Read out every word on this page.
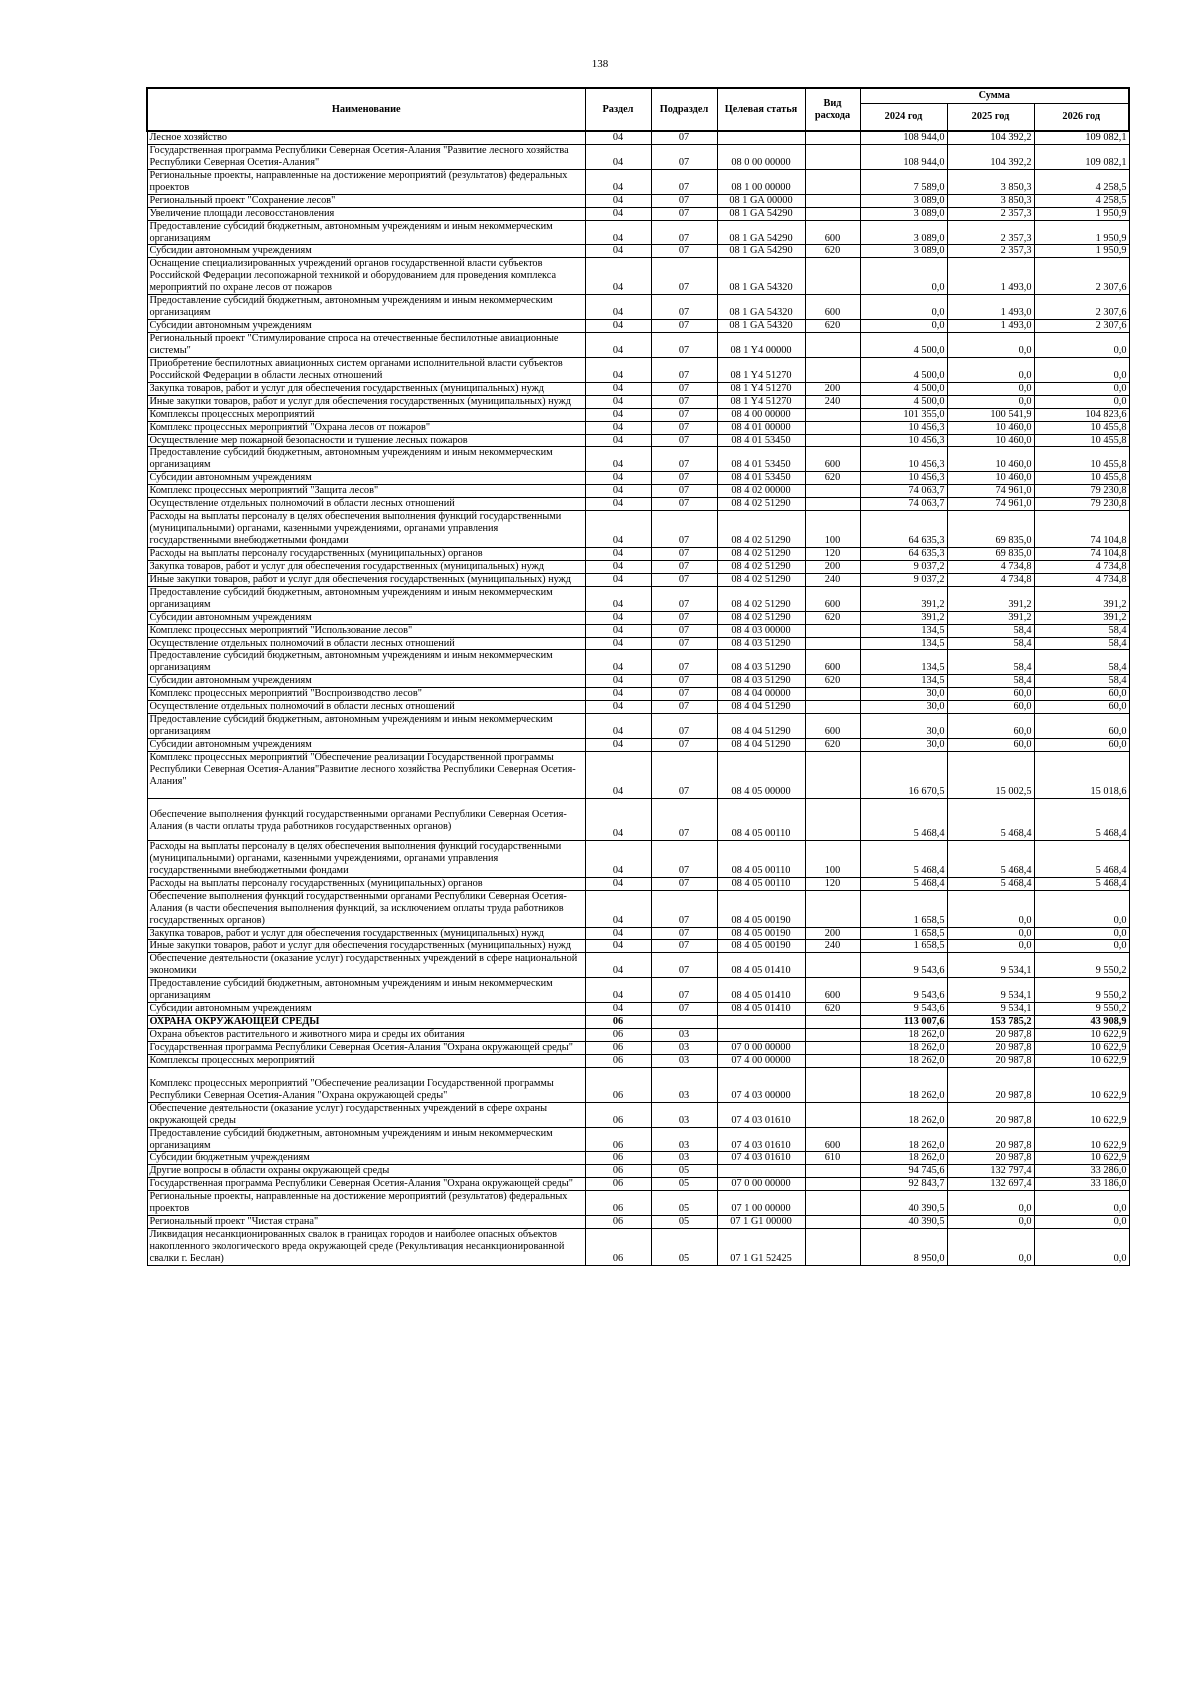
138
Наименование	Раздел	Подраздел	Целевая статья	Вид расхода	Сумма		
					2024 год	2025 год	2026 год
Лесное хозяйство	04	07			108 944,0	104 392,2	109 082,1
Государственная программа Республики Северная Осетия-Алания "Развитие лесного хозяйства Республики Северная Осетия-Алания"	04	07	08 0 00 00000		108 944,0	104 392,2	109 082,1
Региональные проекты, направленные на достижение мероприятий (результатов) федеральных проектов	04	07	08 1 00 00000		7 589,0	3 850,3	4 258,5
Региональный проект "Сохранение лесов"	04	07	08 1 GA 00000		3 089,0	3 850,3	4 258,5
Увеличение площади лесовосстановления	04	07	08 1 GA 54290		3 089,0	2 357,3	1 950,9
Предоставление субсидий бюджетным, автономным учреждениям и иным некоммерческим организациям	04	07	08 1 GA 54290	600	3 089,0	2 357,3	1 950,9
Субсидии автономным учреждениям	04	07	08 1 GA 54290	620	3 089,0	2 357,3	1 950,9
Оснащение специализированных учреждений органов государственной власти субъектов Российской Федерации лесопожарной техникой и оборудованием для проведения комплекса мероприятий по охране лесов от пожаров	04	07	08 1 GA 54320		0,0	1 493,0	2 307,6
Предоставление субсидий бюджетным, автономным учреждениям и иным некоммерческим организациям	04	07	08 1 GA 54320	600	0,0	1 493,0	2 307,6
Субсидии автономным учреждениям	04	07	08 1 GA 54320	620	0,0	1 493,0	2 307,6
Региональный проект "Стимулирование спроса на отечественные беспилотные авиационные системы"	04	07	08 1 Y4 00000		4 500,0	0,0	0,0
Приобретение беспилотных авиационных систем органами исполнительной власти субъектов Российской Федерации в области лесных отношений	04	07	08 1 Y4 51270		4 500,0	0,0	0,0
Закупка товаров, работ и услуг для обеспечения государственных (муниципальных) нужд	04	07	08 1 Y4 51270	200	4 500,0	0,0	0,0
Иные закупки товаров, работ и услуг для обеспечения государственных (муниципальных) нужд	04	07	08 1 Y4 51270	240	4 500,0	0,0	0,0
Комплексы процессных мероприятий	04	07	08 4 00 00000		101 355,0	100 541,9	104 823,6
Комплекс процессных мероприятий "Охрана лесов от пожаров"	04	07	08 4 01 00000		10 456,3	10 460,0	10 455,8
Осуществление мер пожарной безопасности и тушение лесных пожаров	04	07	08 4 01 53450		10 456,3	10 460,0	10 455,8
Предоставление субсидий бюджетным, автономным учреждениям и иным некоммерческим организациям	04	07	08 4 01 53450	600	10 456,3	10 460,0	10 455,8
Субсидии автономным учреждениям	04	07	08 4 01 53450	620	10 456,3	10 460,0	10 455,8
Комплекс процессных мероприятий "Защита лесов"	04	07	08 4 02 00000		74 063,7	74 961,0	79 230,8
Осуществление отдельных полномочий в области лесных отношений	04	07	08 4 02 51290		74 063,7	74 961,0	79 230,8
Расходы на выплаты персоналу в целях обеспечения выполнения функций государственными (муниципальными) органами, казенными учреждениями, органами управления государственными внебюджетными фондами	04	07	08 4 02 51290	100	64 635,3	69 835,0	74 104,8
Расходы на выплаты персоналу государственных (муниципальных) органов	04	07	08 4 02 51290	120	64 635,3	69 835,0	74 104,8
Закупка товаров, работ и услуг для обеспечения государственных (муниципальных) нужд	04	07	08 4 02 51290	200	9 037,2	4 734,8	4 734,8
Иные закупки товаров, работ и услуг для обеспечения государственных (муниципальных) нужд	04	07	08 4 02 51290	240	9 037,2	4 734,8	4 734,8
Предоставление субсидий бюджетным, автономным учреждениям и иным некоммерческим организациям	04	07	08 4 02 51290	600	391,2	391,2	391,2
Субсидии автономным учреждениям	04	07	08 4 02 51290	620	391,2	391,2	391,2
Комплекс процессных мероприятий "Использование лесов"	04	07	08 4 03 00000		134,5	58,4	58,4
Осуществление отдельных полномочий в области лесных отношений	04	07	08 4 03 51290		134,5	58,4	58,4
Предоставление субсидий бюджетным, автономным учреждениям и иным некоммерческим организациям	04	07	08 4 03 51290	600	134,5	58,4	58,4
Субсидии автономным учреждениям	04	07	08 4 03 51290	620	134,5	58,4	58,4
Комплекс процессных мероприятий "Воспроизводство лесов"	04	07	08 4 04 00000		30,0	60,0	60,0
Осуществление отдельных полномочий в области лесных отношений	04	07	08 4 04 51290		30,0	60,0	60,0
Предоставление субсидий бюджетным, автономным учреждениям и иным некоммерческим организациям	04	07	08 4 04 51290	600	30,0	60,0	60,0
Субсидии автономным учреждениям	04	07	08 4 04 51290	620	30,0	60,0	60,0
Комплекс процессных мероприятий "Обеспечение реализации Государственной программы Республики Северная Осетия-Алания"Развитие лесного хозяйства Республики Северная Осетия-Алания"	04	07	08 4 05 00000		16 670,5	15 002,5	15 018,6
Обеспечение выполнения функций государственными органами Республики Северная Осетия-Алания (в части оплаты труда работников государственных органов)	04	07	08 4 05 00110		5 468,4	5 468,4	5 468,4
Расходы на выплаты персоналу в целях обеспечения выполнения функций государственными (муниципальными) органами, казенными учреждениями, органами управления государственными внебюджетными фондами	04	07	08 4 05 00110	100	5 468,4	5 468,4	5 468,4
Расходы на выплаты персоналу государственных (муниципальных) органов	04	07	08 4 05 00110	120	5 468,4	5 468,4	5 468,4
Обеспечение выполнения функций государственными органами Республики Северная Осетия-Алания (в части обеспечения выполнения функций, за исключением оплаты труда работников государственных органов)	04	07	08 4 05 00190		1 658,5	0,0	0,0
Закупка товаров, работ и услуг для обеспечения государственных (муниципальных) нужд	04	07	08 4 05 00190	200	1 658,5	0,0	0,0
Иные закупки товаров, работ и услуг для обеспечения государственных (муниципальных) нужд	04	07	08 4 05 00190	240	1 658,5	0,0	0,0
Обеспечение деятельности (оказание услуг) государственных учреждений в сфере национальной экономики	04	07	08 4 05 01410		9 543,6	9 534,1	9 550,2
Предоставление субсидий бюджетным, автономным учреждениям и иным некоммерческим организациям	04	07	08 4 05 01410	600	9 543,6	9 534,1	9 550,2
Субсидии автономным учреждениям	04	07	08 4 05 01410	620	9 543,6	9 534,1	9 550,2
ОХРАНА ОКРУЖАЮЩЕЙ СРЕДЫ	06				113 007,6	153 785,2	43 908,9
Охрана объектов растительного и животного мира и среды их обитания	06	03			18 262,0	20 987,8	10 622,9
Государственная программа Республики Северная Осетия-Алания "Охрана окружающей среды"	06	03	07 0 00 00000		18 262,0	20 987,8	10 622,9
Комплексы процессных мероприятий	06	03	07 4 00 00000		18 262,0	20 987,8	10 622,9
Комплекс процессных мероприятий "Обеспечение реализации Государственной программы Республики Северная Осетия-Алания "Охрана окружающей среды"	06	03	07 4 03 00000		18 262,0	20 987,8	10 622,9
Обеспечение деятельности (оказание услуг) государственных учреждений в сфере охраны окружающей среды	06	03	07 4 03 01610		18 262,0	20 987,8	10 622,9
Предоставление субсидий бюджетным, автономным учреждениям и иным некоммерческим организациям	06	03	07 4 03 01610	600	18 262,0	20 987,8	10 622,9
Субсидии бюджетным учреждениям	06	03	07 4 03 01610	610	18 262,0	20 987,8	10 622,9
Другие вопросы в области охраны окружающей среды	06	05			94 745,6	132 797,4	33 286,0
Государственная программа Республики Северная Осетия-Алания "Охрана окружающей среды"	06	05	07 0 00 00000		92 843,7	132 697,4	33 186,0
Региональные проекты, направленные на достижение мероприятий (результатов) федеральных проектов	06	05	07 1 00 00000		40 390,5	0,0	0,0
Региональный проект "Чистая страна"	06	05	07 1 G1 00000		40 390,5	0,0	0,0
Ликвидация несанкционированных свалок в границах городов и наиболее опасных объектов накопленного экологического вреда окружающей среде (Рекультивация несанкционированной свалки г. Беслан)	06	05	07 1 G1 52425		8 950,0	0,0	0,0
